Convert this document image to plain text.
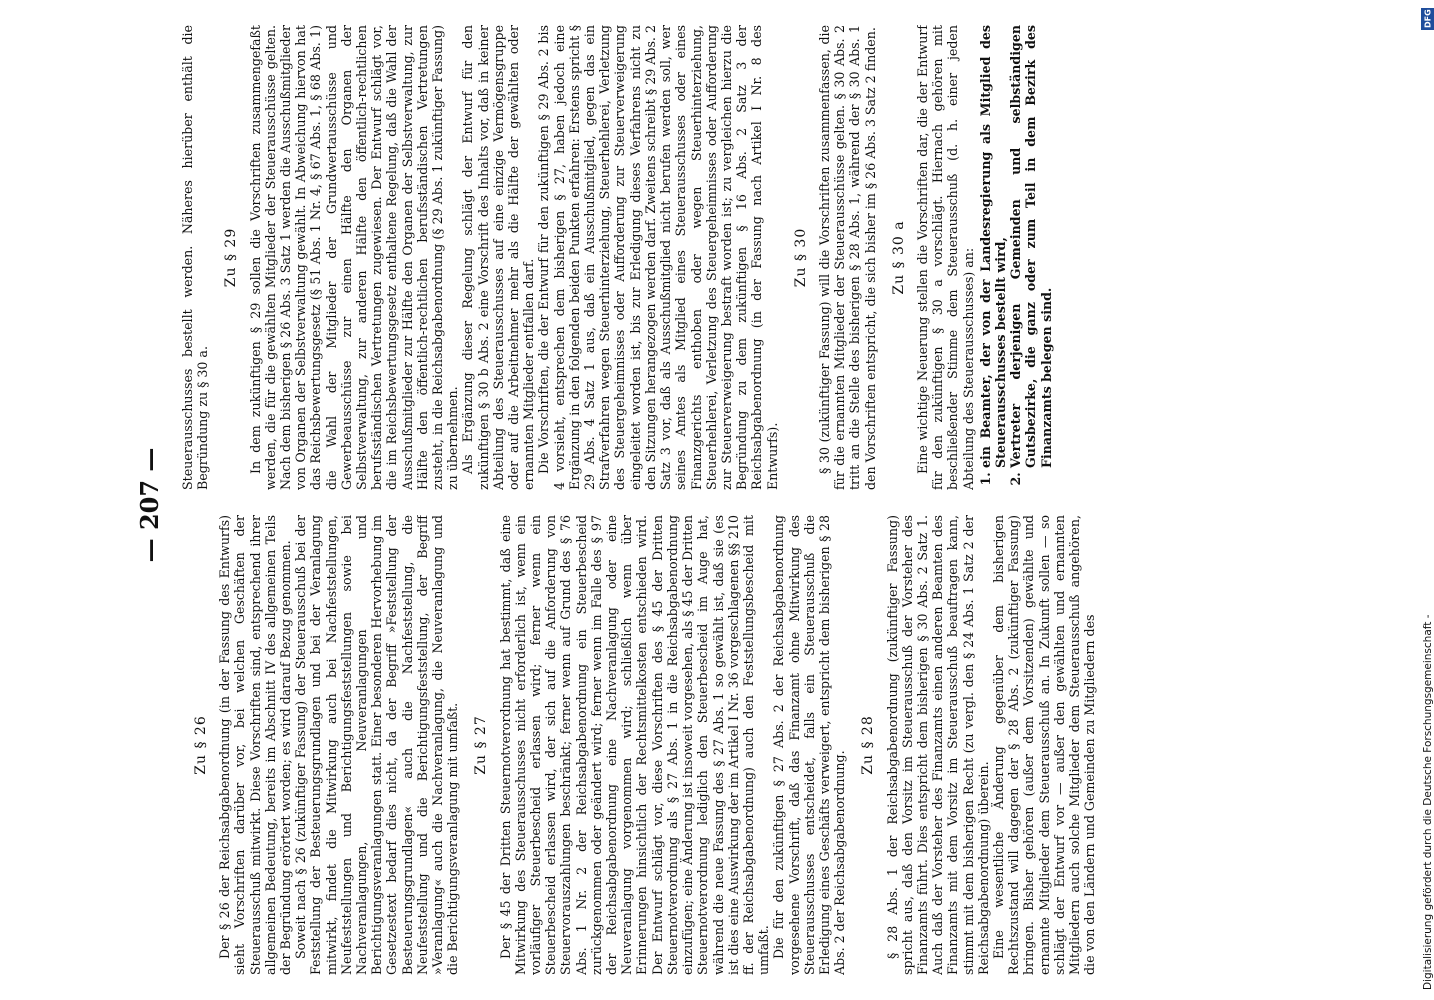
— 207 —
Zu § 26 Der § 26 der Reichsabgabenordnung (in der Fassung des Entwurfs) sieht Vorschriften darüber vor, bei welchen Geschäften der Steuerausschuß mitwirkt. Diese Vorschriften sind, entsprechend ihrer allgemeinen Bedeutung, bereits im Abschnitt IV des allgemeinen Teils der Begründung erörtert worden; es wird darauf Bezug genommen. Soweit nach § 26 (zukünftiger Fassung) der Steuerausschuß bei der Feststellung der Besteuerungsgrundlagen und bei der Veranlagung mitwirkt, findet die Mitwirkung auch bei Nachfeststellungen, Neufeststellungen und Berichtigungsfeststellungen sowie bei Nachveranlagungen, Neuveranlagungen und Berichtigungsveranlagungen statt. Einer besonderen Hervorhebung im Gesetzestext bedarf dies nicht, da der Begriff »Feststellung der Besteuerungsgrundlagen« auch die Nachfeststellung, die Neufeststellung und die Berichtigungsfeststellung, der Begriff »Veranlagung« auch die Nachveranlagung, die Neuveranlagung und die Berichtigungsveranlagung mit umfaßt. Zu § 27 Der § 45 der Dritten Steuernotverordnung hat bestimmt, daß eine Mitwirkung des Steuerausschusses nicht erforderlich ist, wenn ein vorläufiger Steuerbescheid erlassen wird; ferner wenn ein Steuerbescheid erlassen wird, der sich auf die Anforderung von Steuervorauszahlungen beschränkt; ferner wenn auf Grund des § 76 Abs. 1 Nr. 2 der Reichsabgabenordnung ein Steuerbescheid zurückgenommen oder geändert wird; ferner wenn im Falle des § 97 der Reichsabgabenordnung eine Nachveranlagung oder eine Neuveranlagung vorgenommen wird; schließlich wenn über Erinnerungen hinsichtlich der Rechtsmittelkosten entschieden wird. Der Entwurf schlägt vor, diese Vorschriften des § 45 der Dritten Steuernotverordnung als § 27 Abs. 1 in die Reichsabgabenordnung einzufügen; eine Änderung ist insoweit vorgesehen, als § 45 der Dritten Steuernotverordnung lediglich den Steuerbescheid im Auge hat, während die neue Fassung des § 27 Abs. 1 so gewählt ist, daß sie (es ist dies eine Auswirkung der im Artikel I Nr. 36 vorgeschlagenen §§ 210 ff. der Reichsabgabenordnung) auch den Feststellungsbescheid mit umfaßt. Die für den zukünftigen § 27 Abs. 2 der Reichsabgabenordnung vorgesehene Vorschrift, daß das Finanzamt ohne Mitwirkung des Steuerausschusses entscheidet, falls ein Steuerausschuß die Erledigung eines Geschäfts verweigert, entspricht dem bisherigen § 28 Abs. 2 der Reichsabgabenordnung.

Zu § 28 § 28 Abs. 1 der Reichsabgabenordnung (zukünftiger Fassung) spricht aus, daß den Vorsitz im Steuerausschuß der Vorsteher des Finanzamts führt. Dies entspricht dem bisherigen § 30 Abs. 2 Satz 1. Auch daß der Vorsteher des Finanzamts einen anderen Beamten des Finanzamts mit dem Vorsitz im Steuerausschuß beauftragen kann, stimmt mit dem bisherigen Recht (zu vergl. den § 24 Abs. 1 Satz 2 der Reichsabgabenordnung) überein. Eine wesentliche Änderung gegenüber dem bisherigen Rechtszustand will dagegen der § 28 Abs. 2 (zukünftiger Fassung) bringen. Bisher gehören (außer dem Vorsitzenden) gewählte und ernannte Mitglieder dem Steuerausschuß an. In Zukunft sollen — so schlägt der Entwurf vor — außer den gewählten und ernannten Mitgliedern auch solche Mitglieder dem Steuerausschuß angehören, die von den Ländern und Gemeinden zu Mitgliedern des

Steuerausschusses bestellt werden. Näheres hierüber enthält die Begründung zu § 30 a.

Zu § 29 In dem zukünftigen § 29 sollen die Vorschriften zusammengefaßt werden, die für die gewählten Mitglieder der Steuerausschüsse gelten. Nach dem bisherigen § 26 Abs. 3 Satz 1 werden die Ausschußmitglieder von Organen der Selbstverwaltung gewählt. In Abweichung hiervon hat das Reichsbewertungsgesetz (§ 51 Abs. 1 Nr. 4, § 67 Abs. 1, § 68 Abs. 1) die Wahl der Mitglieder der Grundwertausschüsse und Gewerbeausschüsse zur einen Hälfte den Organen der Selbstverwaltung, zur anderen Hälfte den öffentlich-rechtlichen berufsständischen Vertretungen zugewiesen. Der Entwurf schlägt vor, die im Reichsbewertungsgesetz enthaltene Regelung, daß die Wahl der Ausschußmitglieder zur Hälfte den Organen der Selbstverwaltung, zur Hälfte den öffentlich-rechtlichen berufsständischen Vertretungen zusteht, in die Reichsabgabenordnung (§ 29 Abs. 1 zukünftiger Fassung) zu übernehmen. Als Ergänzung dieser Regelung schlägt der Entwurf für den zukünftigen § 30 b Abs. 2 eine Vorschrift des Inhalts vor, daß in keiner Abteilung des Steuerausschusses auf eine einzige Vermögensgruppe oder auf die Arbeitnehmer mehr als die Hälfte der gewählten oder ernannten Mitglieder entfallen darf. Die Vorschriften, die der Entwurf für den zukünftigen § 29 Abs. 2 bis 4 vorsieht, entsprechen dem bisherigen § 27, haben jedoch eine Ergänzung in den folgenden beiden Punkten erfahren: Erstens spricht § 29 Abs. 4 Satz 1 aus, daß ein Ausschußmitglied, gegen das ein Strafverfahren wegen Steuerhinterziehung, Steuerhehlerei, Verletzung des Steuergeheimnisses oder Aufforderung zur Steuerverweigerung eingeleitet worden ist, bis zur Erledigung dieses Verfahrens nicht zu den Sitzungen herangezogen werden darf. Zweitens schreibt § 29 Abs. 2 Satz 3 vor, daß als Ausschußmitglied nicht berufen werden soll, wer seines Amtes als Mitglied eines Steuerausschusses oder eines Finanzgerichts enthoben oder wegen Steuerhinterziehung, Steuerhehlerei, Verletzung des Steuergeheimnisses oder Aufforderung zur Steuerverweigerung bestraft worden ist; zu vergleichen hierzu die Begründung zu dem zukünftigen § 16 Abs. 2 Satz 3 der Reichsabgabenordnung (in der Fassung nach Artikel I Nr. 8 des Entwurfs).

Zu § 30 § 30 (zukünftiger Fassung) will die Vorschriften zusammenfassen, die für die ernannten Mitglieder der Steuerausschüsse gelten. § 30 Abs. 2 tritt an die Stelle des bisherigen § 28 Abs. 1, während der § 30 Abs. 1 den Vorschriften entspricht, die sich bisher im § 26 Abs. 3 Satz 2 finden. Zu § 30 a Eine wichtige Neuerung stellen die Vorschriften dar, die der Entwurf für den zukünftigen § 30 a vorschlägt. Hiernach gehören mit beschließender Stimme dem Steuerausschuß (d. h. einer jeden Abteilung des Steuerausschusses) an: 1. ein Beamter, der von der Landesregierung als Mitglied des Steuerausschusses bestellt wird, 2. Vertreter derjenigen Gemeinden und selbständigen Gutsbezirke, die ganz oder zum Teil in dem Bezirk des Finanzamts belegen sind.
Digitalisierung gefördert durch die Deutsche Forschungsgemeinschaft -
DFG
